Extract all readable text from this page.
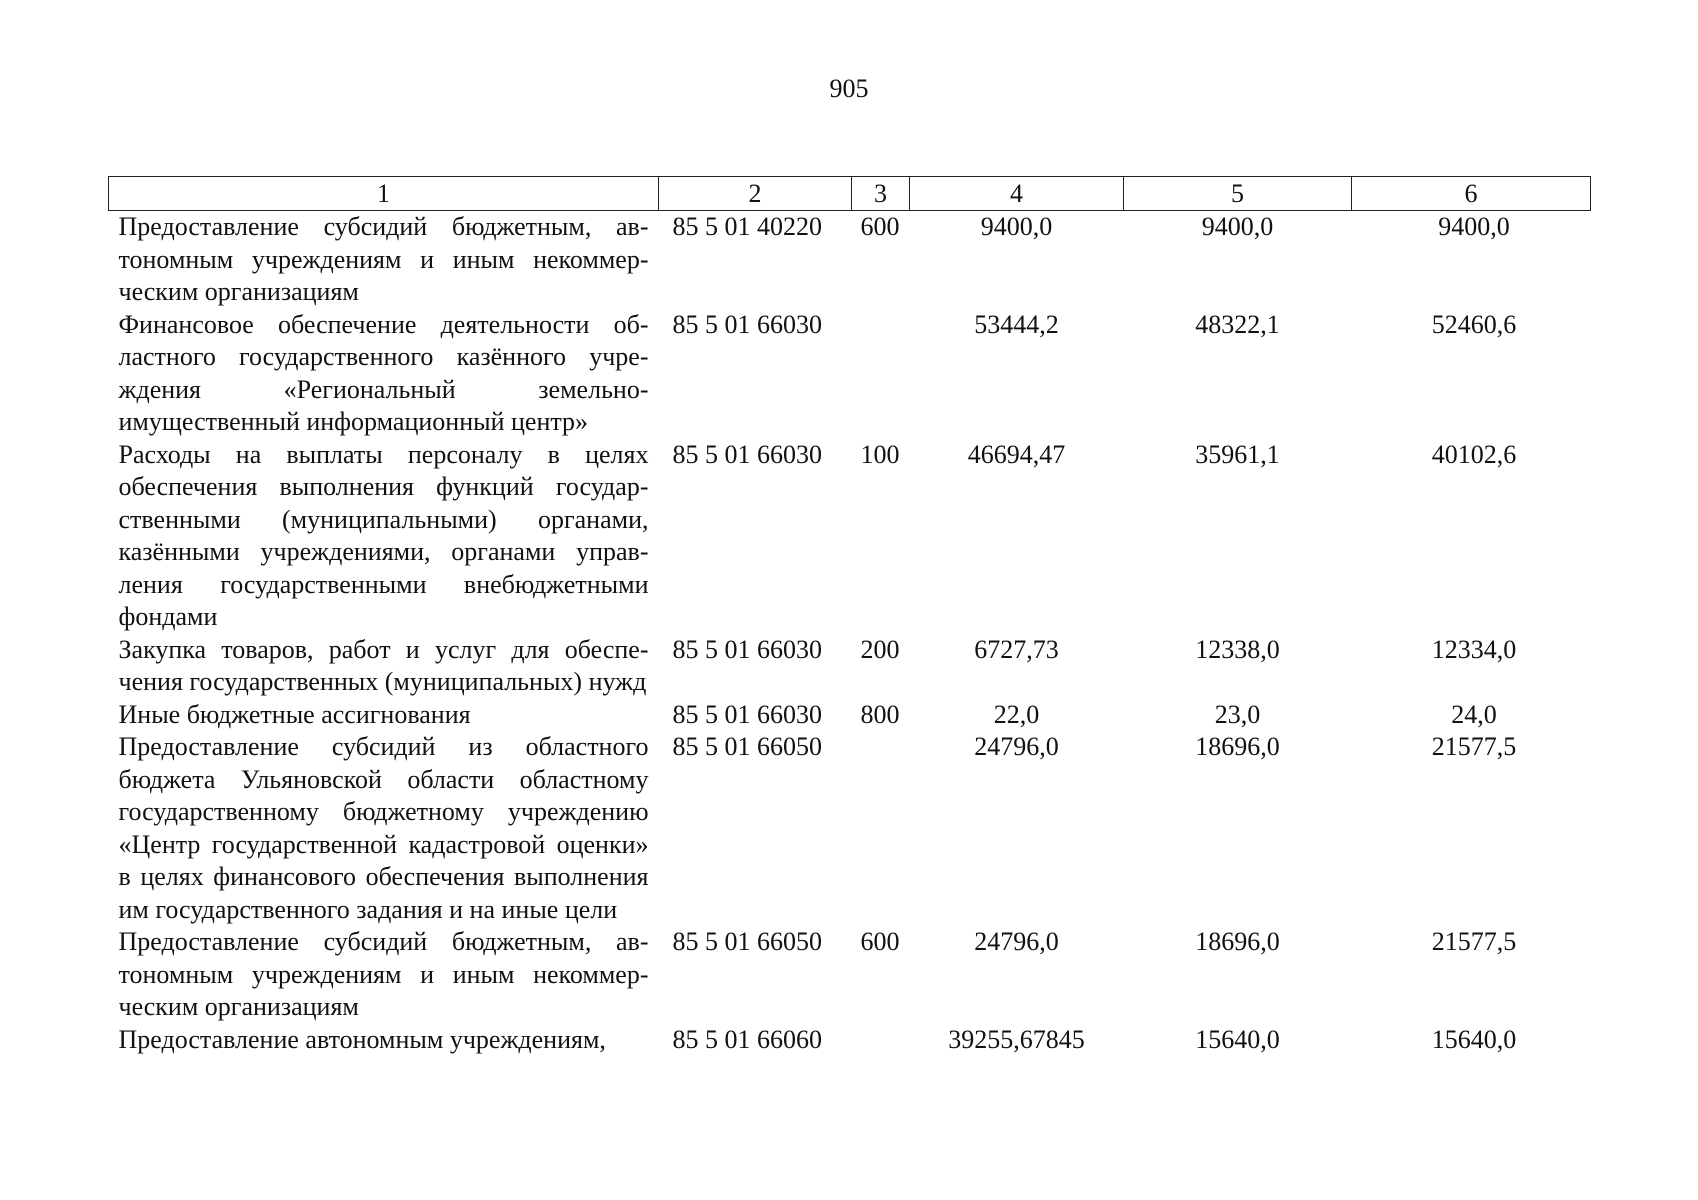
905
1	2	3	4	5	6
Предоставление субсидий бюджетным, автономным учреждениям и иным некоммерческим организациям	85 5 01 40220	600	9400,0	9400,0	9400,0
Финансовое обеспечение деятельности областного государственного казённого учреждения «Региональный земельно-имущественный информационный центр»	85 5 01 66030		53444,2	48322,1	52460,6
Расходы на выплаты персоналу в целях обеспечения выполнения функций государственными (муниципальными) органами, казёнными учреждениями, органами управления государственными внебюджетными фондами	85 5 01 66030	100	46694,47	35961,1	40102,6
Закупка товаров, работ и услуг для обеспечения государственных (муниципальных) нужд	85 5 01 66030	200	6727,73	12338,0	12334,0
Иные бюджетные ассигнования	85 5 01 66030	800	22,0	23,0	24,0
Предоставление субсидий из областного бюджета Ульяновской области областному государственному бюджетному учреждению «Центр государственной кадастровой оценки» в целях финансового обеспечения выполнения им государственного задания и на иные цели	85 5 01 66050		24796,0	18696,0	21577,5
Предоставление субсидий бюджетным, автономным учреждениям и иным некоммерческим организациям	85 5 01 66050	600	24796,0	18696,0	21577,5
Предоставление автономным учреждениям,	85 5 01 66060		39255,67845	15640,0	15640,0
